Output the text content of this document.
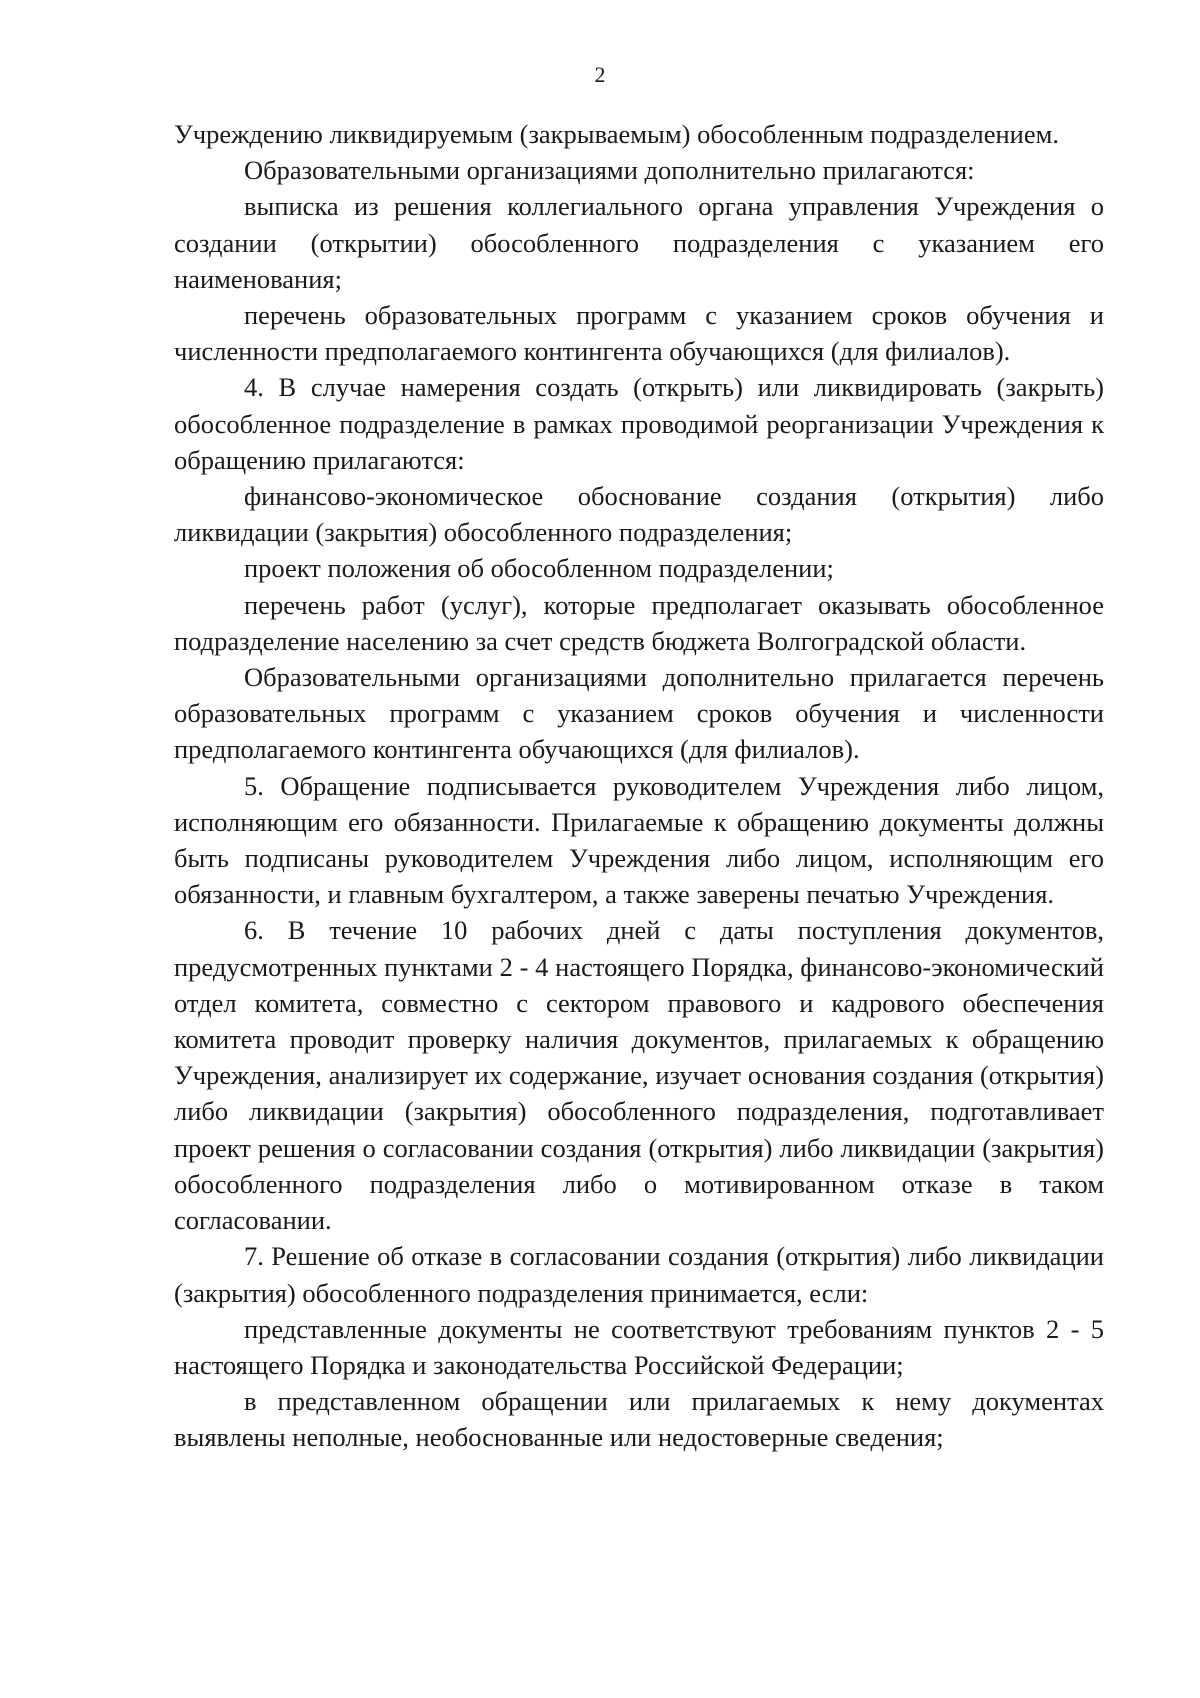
2

Учреждению ликвидируемым (закрываемым) обособленным подразделением.

Образовательными организациями дополнительно прилагаются:

выписка из решения коллегиального органа управления Учреждения о создании (открытии) обособленного подразделения с указанием его наименования;

перечень образовательных программ с указанием сроков обучения и численности предполагаемого контингента обучающихся (для филиалов).

4. В случае намерения создать (открыть) или ликвидировать (закрыть) обособленное подразделение в рамках проводимой реорганизации Учреждения к обращению прилагаются:

финансово-экономическое обоснование создания (открытия) либо ликвидации (закрытия) обособленного подразделения;

проект положения об обособленном подразделении;

перечень работ (услуг), которые предполагает оказывать обособленное подразделение населению за счет средств бюджета Волгоградской области.

Образовательными организациями дополнительно прилагается перечень образовательных программ с указанием сроков обучения и численности предполагаемого контингента обучающихся (для филиалов).

5. Обращение подписывается руководителем Учреждения либо лицом, исполняющим его обязанности. Прилагаемые к обращению документы должны быть подписаны руководителем Учреждения либо лицом, исполняющим его обязанности, и главным бухгалтером, а также заверены печатью Учреждения.

6. В течение 10 рабочих дней с даты поступления документов, предусмотренных пунктами 2 - 4 настоящего Порядка, финансово-экономический отдел комитета, совместно с сектором правового и кадрового обеспечения комитета проводит проверку наличия документов, прилагаемых к обращению Учреждения, анализирует их содержание, изучает основания создания (открытия) либо ликвидации (закрытия) обособленного подразделения, подготавливает проект решения о согласовании создания (открытия) либо ликвидации (закрытия) обособленного подразделения либо о мотивированном отказе в таком согласовании.

7. Решение об отказе в согласовании создания (открытия) либо ликвидации (закрытия) обособленного подразделения принимается, если:

представленные документы не соответствуют требованиям пунктов 2 - 5 настоящего Порядка и законодательства Российской Федерации;

в представленном обращении или прилагаемых к нему документах выявлены неполные, необоснованные или недостоверные сведения;
